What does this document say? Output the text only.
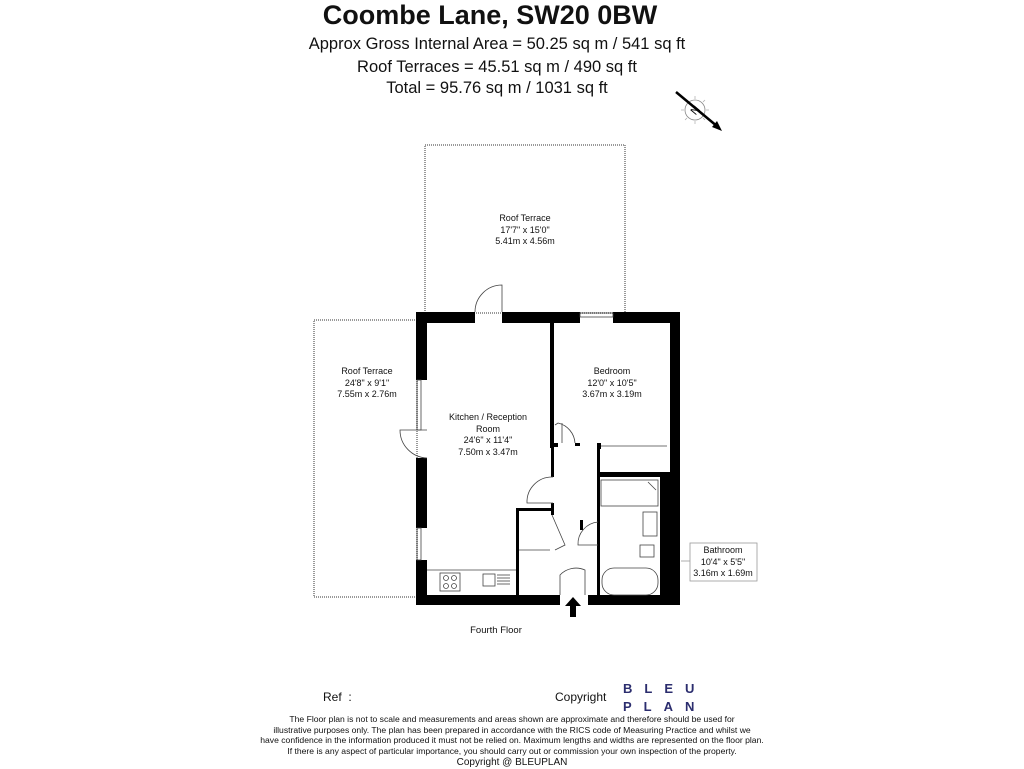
Coombe Lane, SW20 0BW
Approx Gross Internal Area = 50.25 sq m / 541 sq ft
Roof Terraces = 45.51 sq m / 490 sq ft
Total = 95.76 sq m / 1031 sq ft
N
Roof Terrace
17'7" x 15'0"
5.41m x 4.56m
Roof Terrace
24'8" x 9'1"
7.55m x 2.76m
Kitchen / Reception
Room
24'6" x 11'4"
7.50m x 3.47m
Bedroom
12'0" x 10'5"
3.67m x 3.19m
Bathroom
10'4" x 5'5"
3.16m x 1.69m
Fourth Floor
Ref  :	Copyright
BLEU
PLAN
The Floor plan is not to scale and measurements and areas shown are approximate and therefore should be used for
illustrative purposes only. The plan has been prepared in accordance with the RICS code of Measuring Practice and whilst we
have confidence in the information produced it must not be relied on. Maximum lengths and widths are represented on the floor plan.
If there is any aspect of particular importance, you should carry out or commission your own inspection of the property.
Copyright @ BLEUPLAN
